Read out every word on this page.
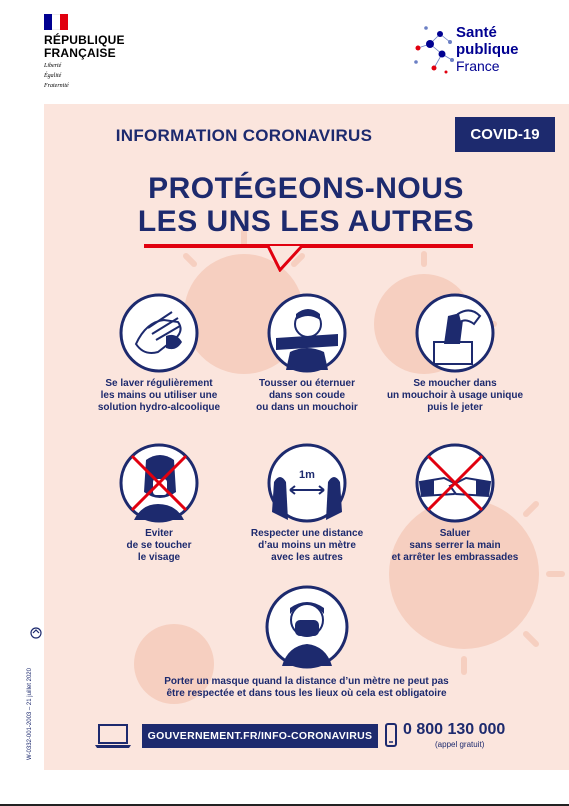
RÉPUBLIQUE
FRANÇAISE
Liberté
Égalité
Fraternité
Santé
publique
France
INFORMATION CORONAVIRUS	COVID-19
PROTÉGEONS-NOUS
LES UNS LES AUTRES
Se laver régulièrement
les mains ou utiliser une
solution hydro-alcoolique
Tousser ou éternuer
dans son coude
ou dans un mouchoir
Se moucher dans
un mouchoir à usage unique
puis le jeter
Eviter
de se toucher
le visage
1m
Respecter une distance
d’au moins un mètre
avec les autres
Saluer
sans serrer la main
et arrêter les embrassades
Porter un masque quand la distance d’un mètre ne peut pas
être respectée et dans tous les lieux où cela est obligatoire
W-0332-001-2003 – 21 juillet 2020	GOUVERNEMENT.FR/INFO-CORONAVIRUS	0 800 130 000
(appel gratuit)
